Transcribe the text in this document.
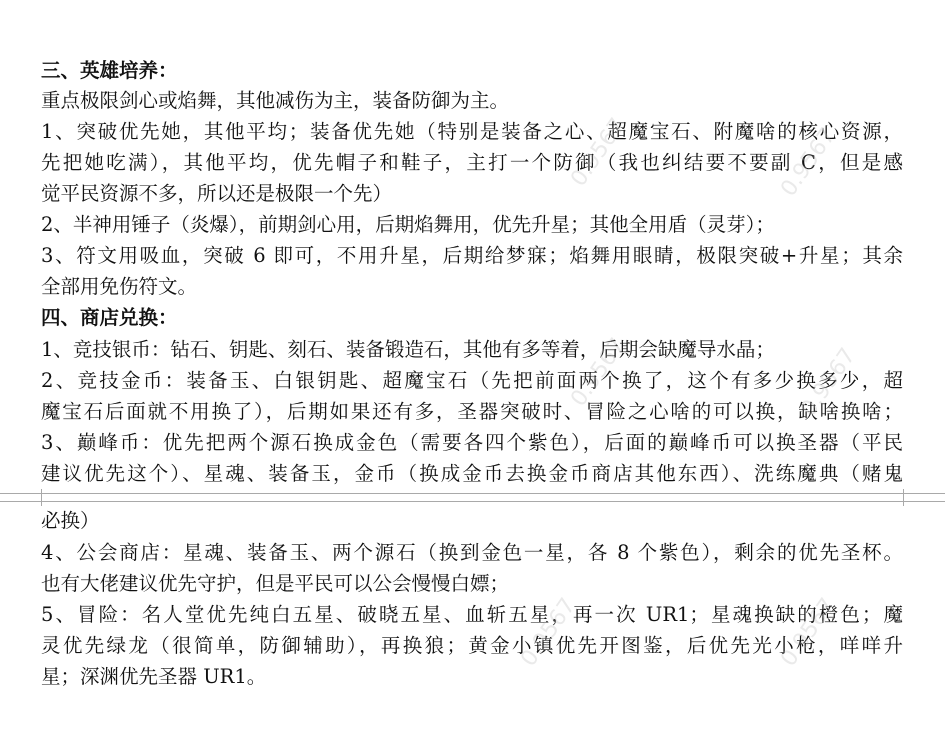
三、英雄培养：
重点极限剑心或焰舞，其他减伤为主，装备防御为主。
1、突破优先她，其他平均；装备优先她（特别是装备之心、超魔宝石、附魔啥的核心资源，
先把她吃满），其他平均，优先帽子和鞋子，主打一个防御（我也纠结要不要副 C，但是感
觉平民资源不多，所以还是极限一个先）
2、半神用锤子（炎爆），前期剑心用，后期焰舞用，优先升星；其他全用盾（灵芽）；
3、符文用吸血，突破 6 即可，不用升星，后期给梦寐；焰舞用眼睛，极限突破+升星；其余
全部用免伤符文。
四、商店兑换：
1、竞技银币：钻石、钥匙、刻石、装备锻造石，其他有多等着，后期会缺魔导水晶；
2、竞技金币：装备玉、白银钥匙、超魔宝石（先把前面两个换了，这个有多少换多少，超
魔宝石后面就不用换了），后期如果还有多，圣器突破时、冒险之心啥的可以换，缺啥换啥；
3、巅峰币：优先把两个源石换成金色（需要各四个紫色），后面的巅峰币可以换圣器（平民
建议优先这个）、星魂、装备玉，金币（换成金币去换金币商店其他东西）、洗练魔典（赌鬼
必换）
4、公会商店：星魂、装备玉、两个源石（换到金色一星，各 8 个紫色），剩余的优先圣杯。
也有大佬建议优先守护，但是平民可以公会慢慢白嫖；
5、冒险：名人堂优先纯白五星、破晓五星、血斩五星，再一次 UR1；星魂换缺的橙色；魔
灵优先绿龙（很简单，防御辅助），再换狼；黄金小镇优先开图鉴，后优先光小枪，咩咩升
星；深渊优先圣器 UR1。
0.9567	0.9567
0.9567	0.9567
0.9567	0.9567
